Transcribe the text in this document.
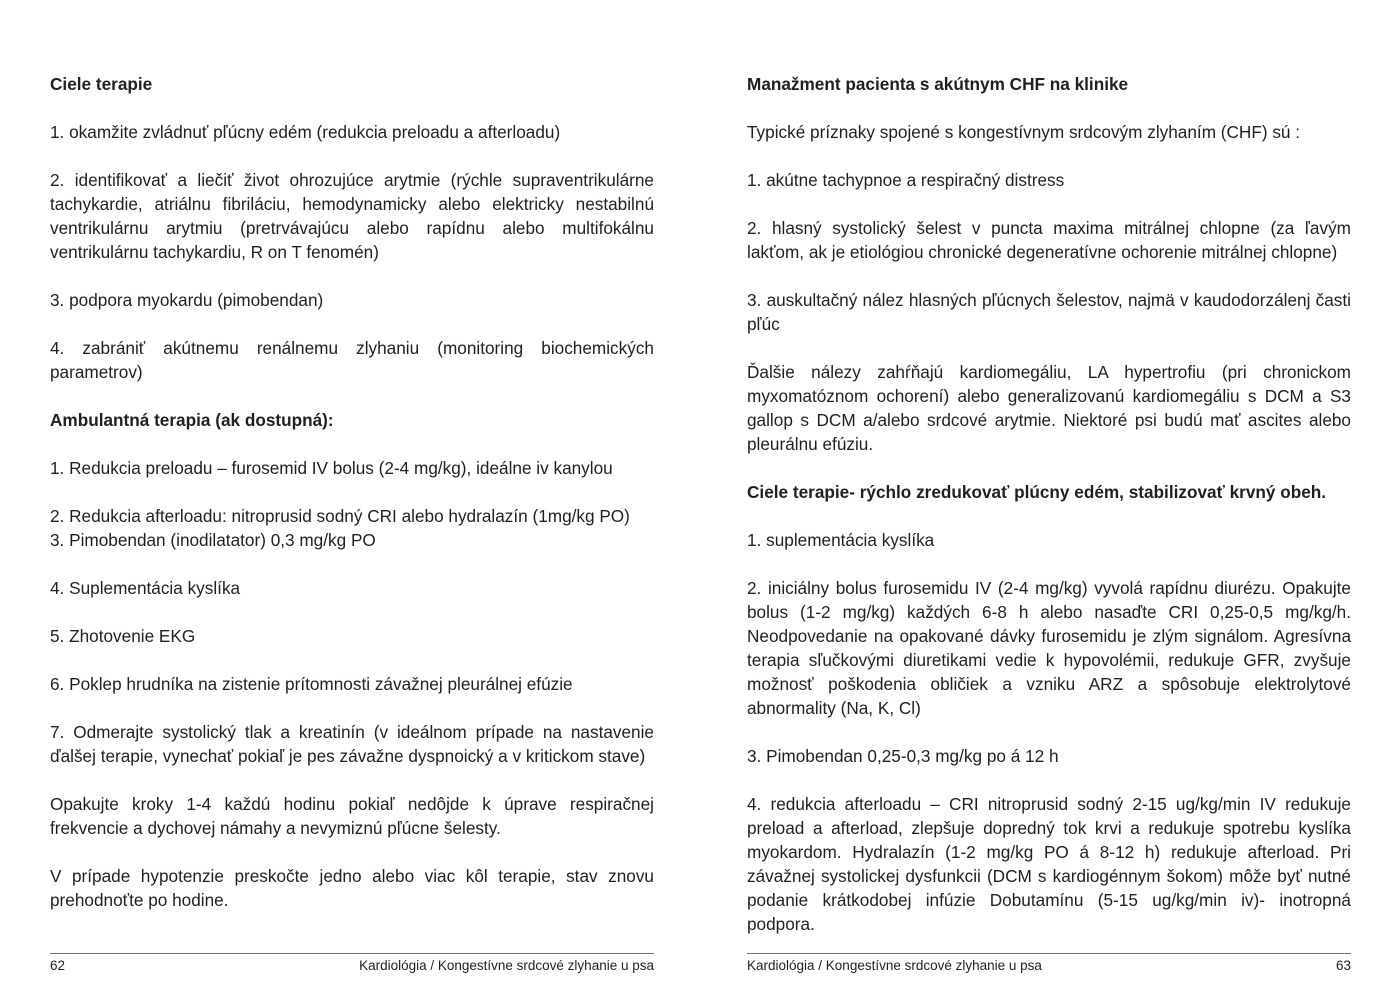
Ciele terapie

1. okamžite zvládnuť pľúcny edém (redukcia preloadu a afterloadu)

2. identifikovať a liečiť život ohrozujúce arytmie (rýchle supraventrikulárne tachykardie, atriálnu fibriláciu, hemodynamicky alebo elektricky nestabilnú ventrikulárnu arytmiu (pretrvávajúcu alebo rapídnu alebo multifokálnu ventrikulárnu tachykardiu, R on T fenomén)

3. podpora myokardu (pimobendan)

4. zabrániť akútnemu renálnemu zlyhaniu (monitoring biochemických parametrov)

Ambulantná terapia (ak dostupná):

1. Redukcia preloadu – furosemid IV bolus (2-4 mg/kg), ideálne iv kanylou

2. Redukcia afterloadu: nitroprusid sodný CRI alebo hydralazín (1mg/kg PO)

3. Pimobendan (inodilatator) 0,3 mg/kg PO

4. Suplementácia kyslíka

5. Zhotovenie EKG

6. Poklep hrudníka na zistenie prítomnosti závažnej pleurálnej efúzie

7. Odmerajte systolický tlak a kreatinín (v ideálnom prípade na nastavenie ďalšej terapie, vynechať pokiaľ je pes závažne dyspnoický a v kritickom stave)

Opakujte kroky 1-4 každú hodinu pokiaľ nedôjde k úprave respiračnej frekvencie a dychovej námahy a nevymiznú pľúcne šelesty.

V prípade hypotenzie preskočte jedno alebo viac kôl terapie, stav znovu prehodnoťte po hodine.

Manažment pacienta s akútnym CHF na klinike

Typické príznaky spojené s kongestívnym srdcovým zlyhaním (CHF) sú :

1. akútne tachypnoe a respiračný distress

2. hlasný systolický šelest v puncta maxima mitrálnej chlopne (za ľavým lakťom, ak je etiológiou chronické degeneratívne ochorenie mitrálnej chlopne)

3. auskultačný nález hlasných pľúcnych šelestov, najmä v kaudodorzálenj časti pľúc

Ďalšie nálezy zahŕňajú kardiomegáliu, LA hypertrofiu (pri chronickom myxomatóznom ochorení) alebo generalizovanú kardiomegáliu s DCM a S3 gallop s DCM a/alebo srdcové arytmie. Niektoré psi budú mať ascites alebo pleurálnu efúziu.

Ciele terapie- rýchlo zredukovať plúcny edém, stabilizovať krvný obeh.

1. suplementácia kyslíka

2. iniciálny bolus furosemidu IV (2-4 mg/kg) vyvolá rapídnu diurézu. Opakujte bolus (1-2 mg/kg) každých 6-8 h alebo nasaďte CRI 0,25-0,5 mg/kg/h. Neodpovedanie na opakované dávky furosemidu je zlým signálom. Agresívna terapia sľučkovými diuretikami vedie k hypovolémii, redukuje GFR, zvyšuje možnosť poškodenia obličiek a vzniku ARZ a spôsobuje elektrolytové abnormality (Na, K, Cl)

3. Pimobendan 0,25-0,3 mg/kg po á 12 h

4. redukcia afterloadu – CRI nitroprusid sodný 2-15 ug/kg/min IV redukuje preload a afterload, zlepšuje dopredný tok krvi a redukuje spotrebu kyslíka myokardom. Hydralazín (1-2 mg/kg PO á 8-12 h) redukuje afterload. Pri závažnej systolickej dysfunkcii (DCM s kardiogénnym šokom) môže byť nutné podanie krátkodobej infúzie Dobutamínu (5-15 ug/kg/min iv)- inotropná podpora.

62	Kardiológia / Kongestívne srdcové zlyhanie u psa	Kardiológia / Kongestívne srdcové zlyhanie u psa	63
